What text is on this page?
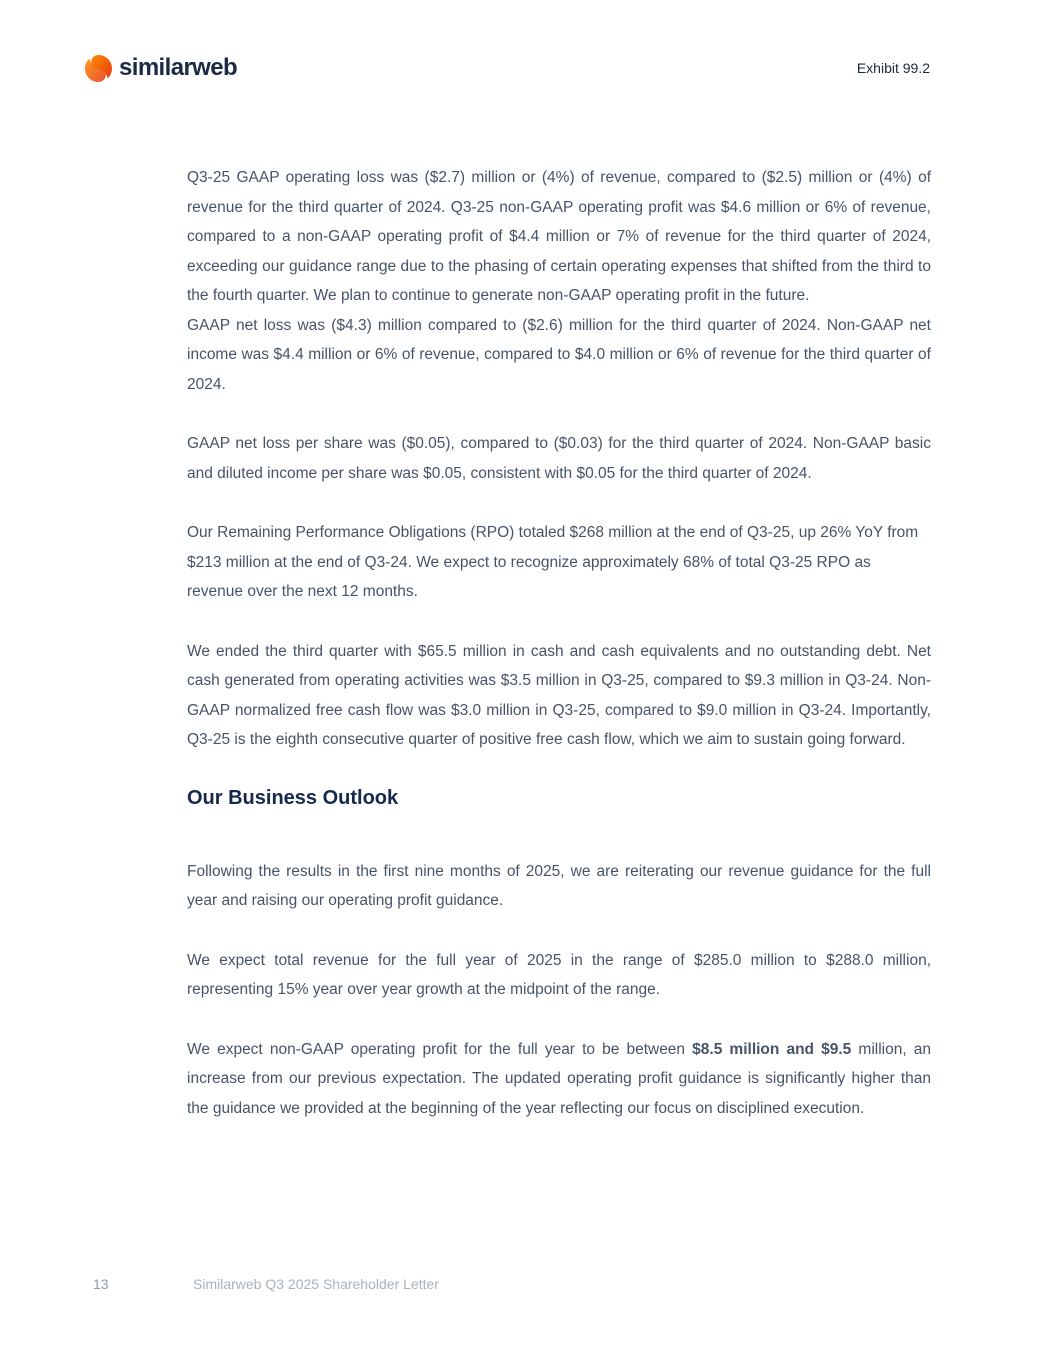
similarweb	Exhibit 99.2

Q3-25 GAAP operating loss was ($2.7) million or (4%) of revenue, compared to ($2.5) million or (4%) of revenue for the third quarter of 2024. Q3-25 non-GAAP operating profit was $4.6 million or 6% of revenue, compared to a non-GAAP operating profit of $4.4 million or 7% of revenue for the third quarter of 2024, exceeding our guidance range due to the phasing of certain operating expenses that shifted from the third to the fourth quarter. We plan to continue to generate non-GAAP operating profit in the future.

GAAP net loss was ($4.3) million compared to ($2.6) million for the third quarter of 2024. Non-GAAP net income was $4.4 million or 6% of revenue, compared to $4.0 million or 6% of revenue for the third quarter of 2024.

GAAP net loss per share was ($0.05), compared to ($0.03) for the third quarter of 2024. Non-GAAP basic and diluted income per share was $0.05, consistent with $0.05 for the third quarter of 2024.

Our Remaining Performance Obligations (RPO) totaled $268 million at the end of Q3-25, up 26% YoY from $213 million at the end of Q3-24. We expect to recognize approximately 68% of total Q3-25 RPO as revenue over the next 12 months.

We ended the third quarter with $65.5 million in cash and cash equivalents and no outstanding debt. Net cash generated from operating activities was $3.5 million in Q3-25, compared to $9.3 million in Q3-24. Non-GAAP normalized free cash flow was $3.0 million in Q3-25, compared to $9.0 million in Q3-24. Importantly, Q3-25 is the eighth consecutive quarter of positive free cash flow, which we aim to sustain going forward.

Our Business Outlook

Following the results in the first nine months of 2025, we are reiterating our revenue guidance for the full year and raising our operating profit guidance.

We expect total revenue for the full year of 2025 in the range of $285.0 million to $288.0 million, representing 15% year over year growth at the midpoint of the range.

We expect non-GAAP operating profit for the full year to be between $8.5 million and $9.5 million, an increase from our previous expectation. The updated operating profit guidance is significantly higher than the guidance we provided at the beginning of the year reflecting our focus on disciplined execution.

13	Similarweb Q3 2025 Shareholder Letter
